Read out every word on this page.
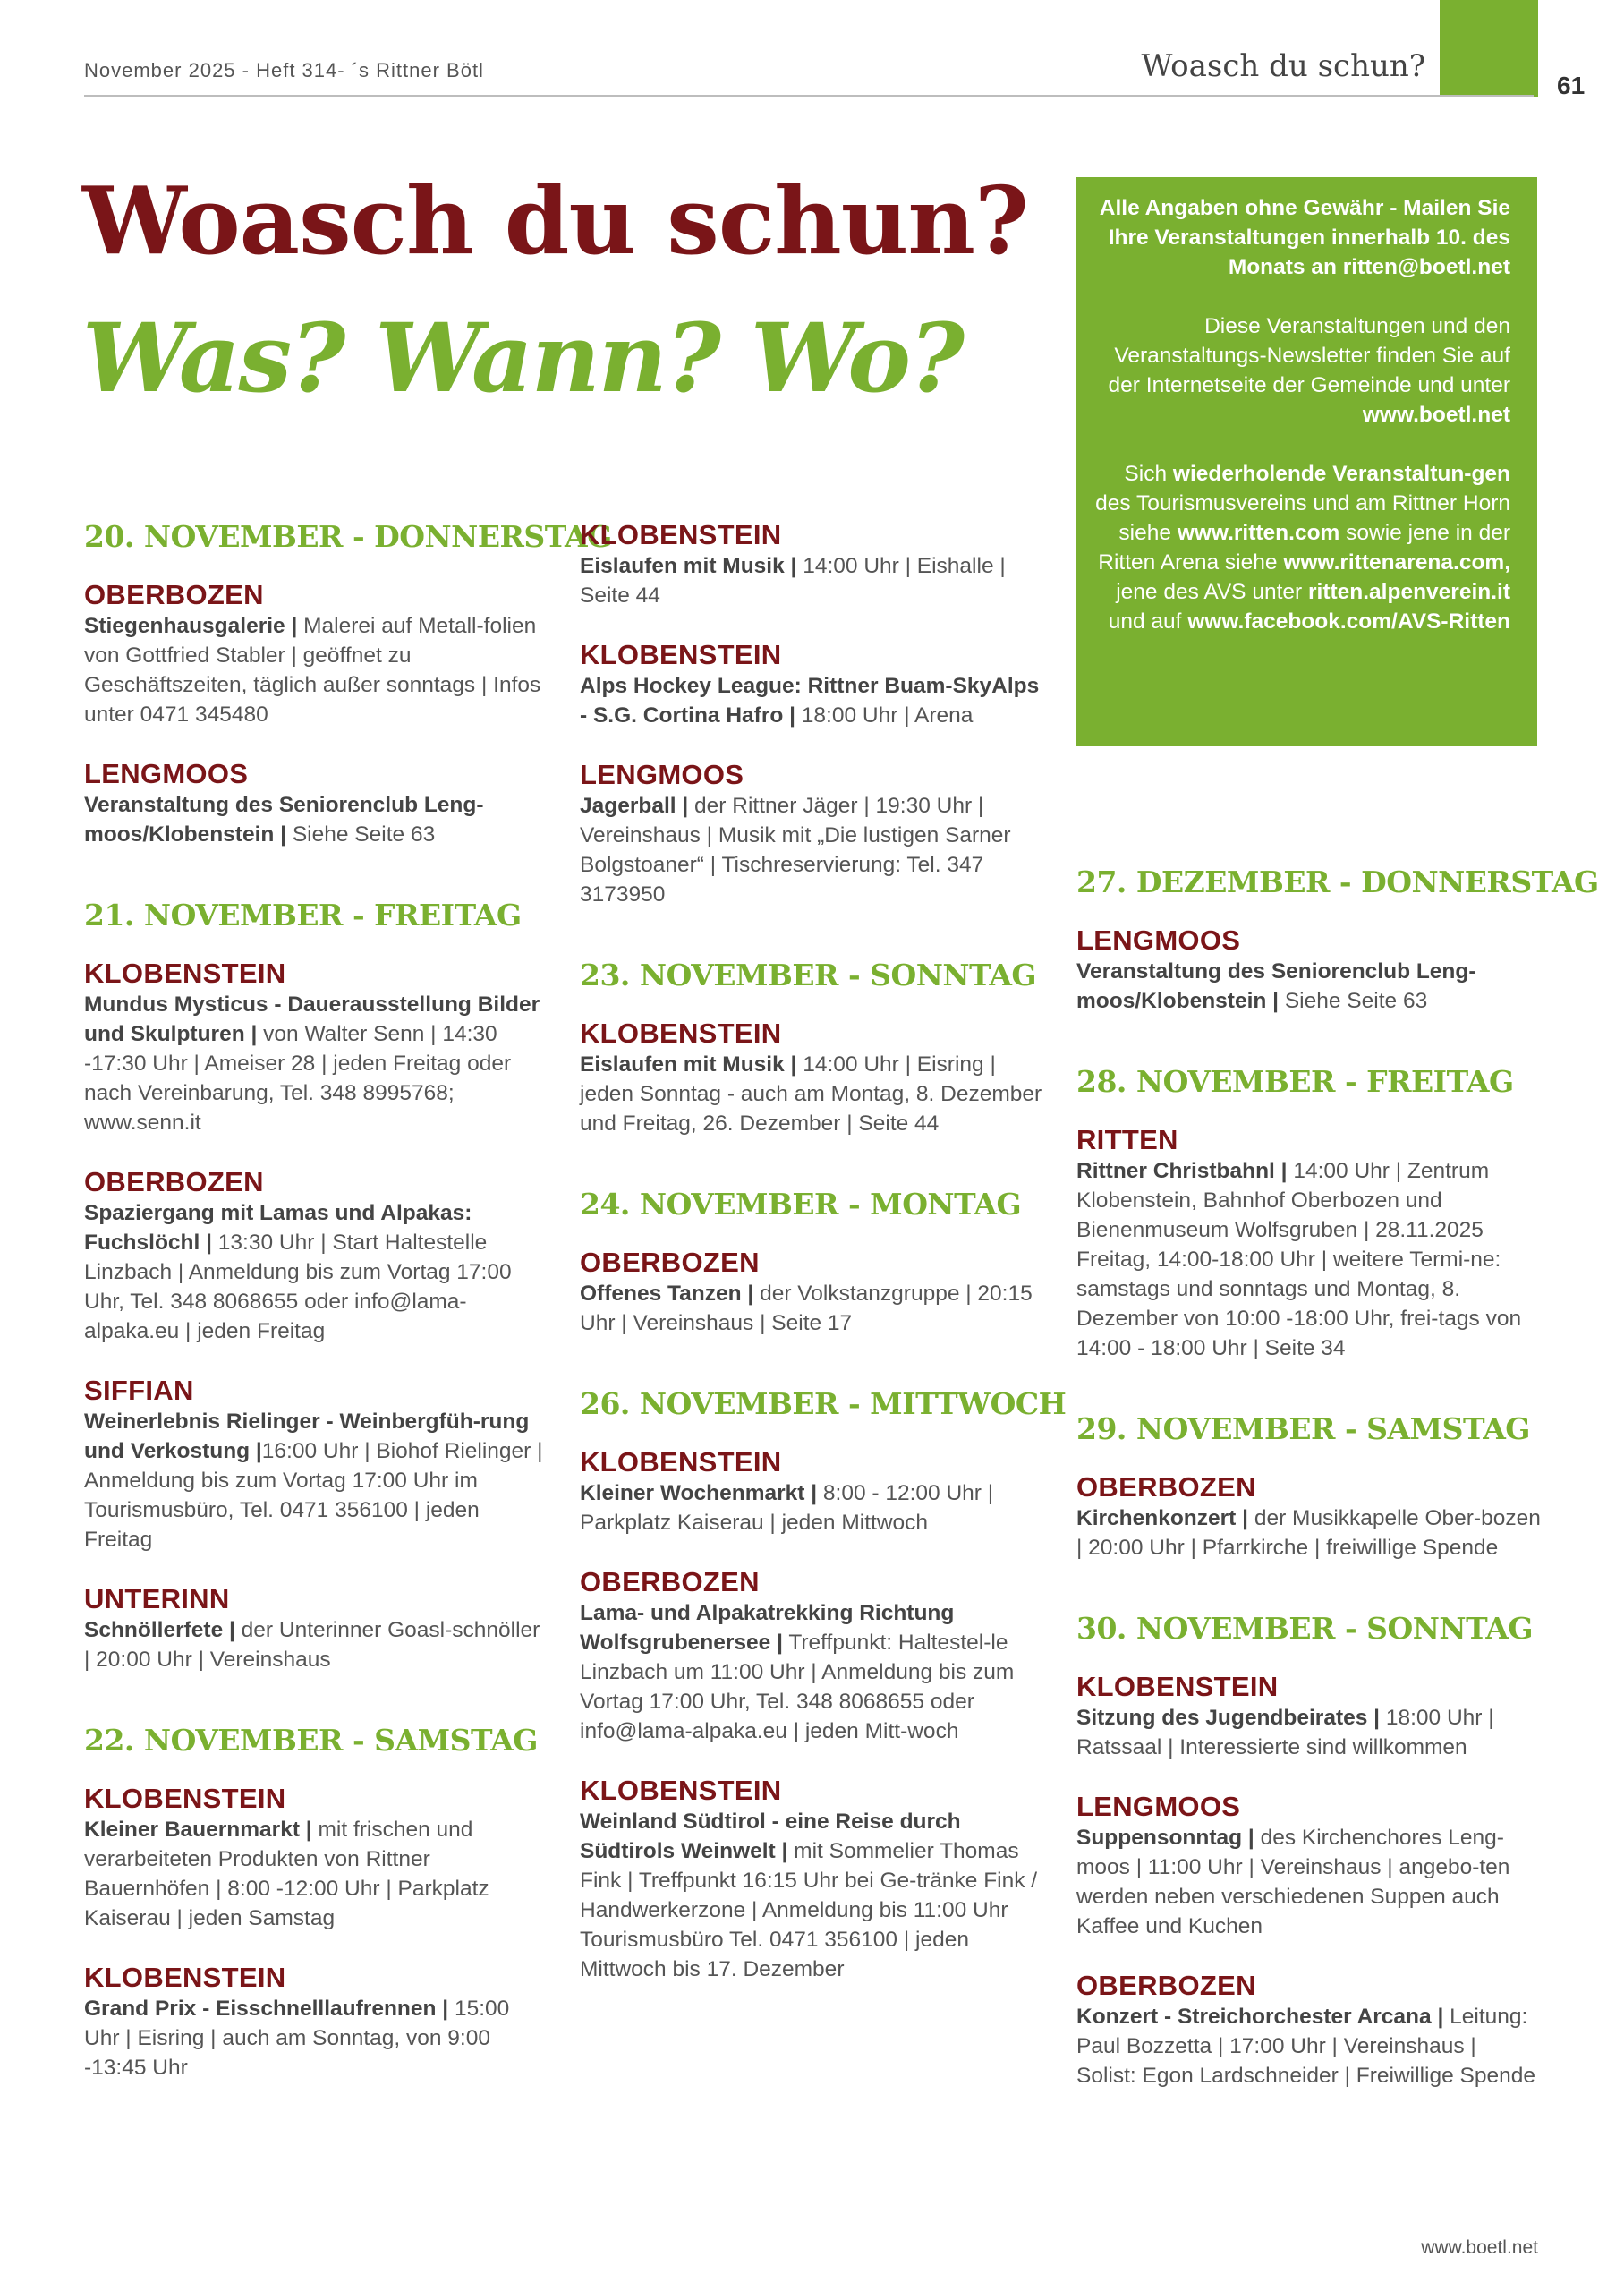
November 2025 - Heft 314- ´s Rittner Bötl	Woasch du schun?
61
Woasch du schun?
Was? Wann? Wo?

Alle Angaben ohne Gewähr - Mailen Sie Ihre Veranstaltungen innerhalb 10. des Monats an ritten@boetl.net

Diese Veranstaltungen und den Veranstaltungs-Newsletter finden Sie auf der Internetseite der Gemeinde und unter www.boetl.net

Sich wiederholende Veranstaltun-gen des Tourismusvereins und am Rittner Horn siehe www.ritten.com sowie jene in der Ritten Arena siehe www.rittenarena.com, jene des AVS unter ritten.alpenverein.it und auf www.facebook.com/AVS-Ritten

20. NOVEMBER - DONNERSTAG
OBERBOZEN
Stiegenhausgalerie | Malerei auf Metall-folien von Gottfried Stabler | geöffnet zu Geschäftszeiten, täglich außer sonntags | Infos unter 0471 345480
LENGMOOS
Veranstaltung des Seniorenclub Leng-moos/Klobenstein | Siehe Seite 63
21. NOVEMBER - FREITAG
KLOBENSTEIN
Mundus Mysticus - Dauerausstellung Bilder und Skulpturen | von Walter Senn | 14:30 -17:30 Uhr | Ameiser 28 | jeden Freitag oder nach Vereinbarung, Tel. 348 8995768; www.senn.it
OBERBOZEN
Spaziergang mit Lamas und Alpakas: Fuchslöchl | 13:30 Uhr | Start Haltestelle Linzbach | Anmeldung bis zum Vortag 17:00 Uhr, Tel. 348 8068655 oder info@lama-alpaka.eu | jeden Freitag
SIFFIAN
Weinerlebnis Rielinger - Weinbergfüh-rung und Verkostung |16:00 Uhr | Biohof Rielinger | Anmeldung bis zum Vortag 17:00 Uhr im Tourismusbüro, Tel. 0471 356100 | jeden Freitag
UNTERINN
Schnöllerfete | der Unterinner Goasl-schnöller | 20:00 Uhr | Vereinshaus
22. NOVEMBER - SAMSTAG
KLOBENSTEIN
Kleiner Bauernmarkt | mit frischen und verarbeiteten Produkten von Rittner Bauernhöfen | 8:00 -12:00 Uhr | Parkplatz Kaiserau | jeden Samstag
KLOBENSTEIN
Grand Prix - Eisschnelllaufrennen | 15:00 Uhr | Eisring | auch am Sonntag, von 9:00 -13:45 Uhr
KLOBENSTEIN
Eislaufen mit Musik | 14:00 Uhr | Eishalle | Seite 44
KLOBENSTEIN
Alps Hockey League: Rittner Buam-SkyAlps - S.G. Cortina Hafro | 18:00 Uhr | Arena
LENGMOOS
Jagerball | der Rittner Jäger | 19:30 Uhr | Vereinshaus | Musik mit „Die lustigen Sarner Bolgstoaner“ | Tischreservierung: Tel. 347 3173950
23. NOVEMBER - SONNTAG
KLOBENSTEIN
Eislaufen mit Musik | 14:00 Uhr | Eisring | jeden Sonntag - auch am Montag, 8. Dezember und Freitag, 26. Dezember | Seite 44
24. NOVEMBER - MONTAG
OBERBOZEN
Offenes Tanzen | der Volkstanzgruppe | 20:15 Uhr | Vereinshaus | Seite 17
26. NOVEMBER - MITTWOCH
KLOBENSTEIN
Kleiner Wochenmarkt | 8:00 - 12:00 Uhr | Parkplatz Kaiserau | jeden Mittwoch
OBERBOZEN
Lama- und Alpakatrekking Richtung Wolfsgrubenersee | Treffpunkt: Haltestel-le Linzbach um 11:00 Uhr | Anmeldung bis zum Vortag 17:00 Uhr, Tel. 348 8068655 oder info@lama-alpaka.eu | jeden Mitt-woch
KLOBENSTEIN
Weinland Südtirol - eine Reise durch Südtirols Weinwelt | mit Sommelier Thomas Fink | Treffpunkt 16:15 Uhr bei Ge-tränke Fink / Handwerkerzone | Anmeldung bis 11:00 Uhr Tourismusbüro Tel. 0471 356100 | jeden Mittwoch bis 17. Dezember
27. DEZEMBER - DONNERSTAG
LENGMOOS
Veranstaltung des Seniorenclub Leng-moos/Klobenstein | Siehe Seite 63
28. NOVEMBER - FREITAG
RITTEN
Rittner Christbahnl | 14:00 Uhr | Zentrum Klobenstein, Bahnhof Oberbozen und Bienenmuseum Wolfsgruben | 28.11.2025 Freitag, 14:00-18:00 Uhr | weitere Termi-ne: samstags und sonntags und Montag, 8. Dezember von 10:00 -18:00 Uhr, frei-tags von 14:00 - 18:00 Uhr | Seite 34
29. NOVEMBER - SAMSTAG
OBERBOZEN
Kirchenkonzert | der Musikkapelle Ober-bozen | 20:00 Uhr | Pfarrkirche | freiwillige Spende
30. NOVEMBER - SONNTAG
KLOBENSTEIN
Sitzung des Jugendbeirates | 18:00 Uhr | Ratssaal | Interessierte sind willkommen
LENGMOOS
Suppensonntag | des Kirchenchores Leng-moos | 11:00 Uhr | Vereinshaus | angebo-ten werden neben verschiedenen Suppen auch Kaffee und Kuchen
OBERBOZEN
Konzert - Streichorchester Arcana | Leitung: Paul Bozzetta | 17:00 Uhr | Vereinshaus | Solist: Egon Lardschneider | Freiwillige Spende
www.boetl.net
